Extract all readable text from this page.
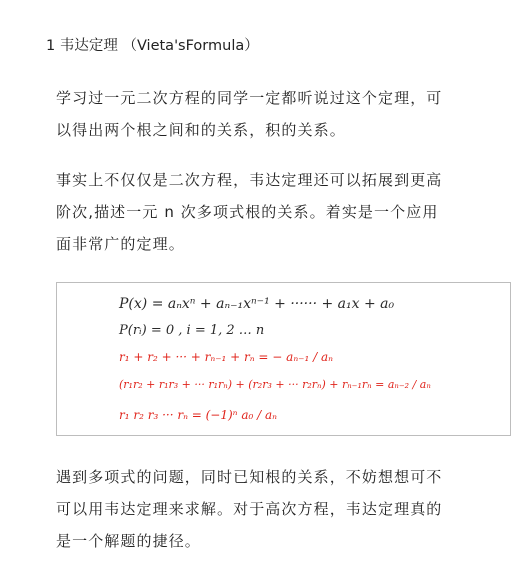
1 韦达定理 （Vieta'sFormula）
学习过一元二次方程的同学一定都听说过这个定理，可
以得出两个根之间和的关系，积的关系。
事实上不仅仅是二次方程，韦达定理还可以拓展到更高
阶次,描述一元 n 次多项式根的关系。着实是一个应用
面非常广的定理。
P(x) = aₙxⁿ + aₙ₋₁xⁿ⁻¹ + ······ + a₁x + a₀
P(rᵢ) = 0 , i = 1, 2 … n
r₁ + r₂ + ··· + rₙ₋₁ + rₙ = − aₙ₋₁ / aₙ
(r₁r₂ + r₁r₃ + ··· r₁rₙ) + (r₂r₃ + ··· r₂rₙ) + rₙ₋₁rₙ = aₙ₋₂ / aₙ
r₁ r₂ r₃ ··· rₙ = (−1)ⁿ a₀ / aₙ
遇到多项式的问题，同时已知根的关系，不妨想想可不
可以用韦达定理来求解。对于高次方程，韦达定理真的
是一个解题的捷径。
